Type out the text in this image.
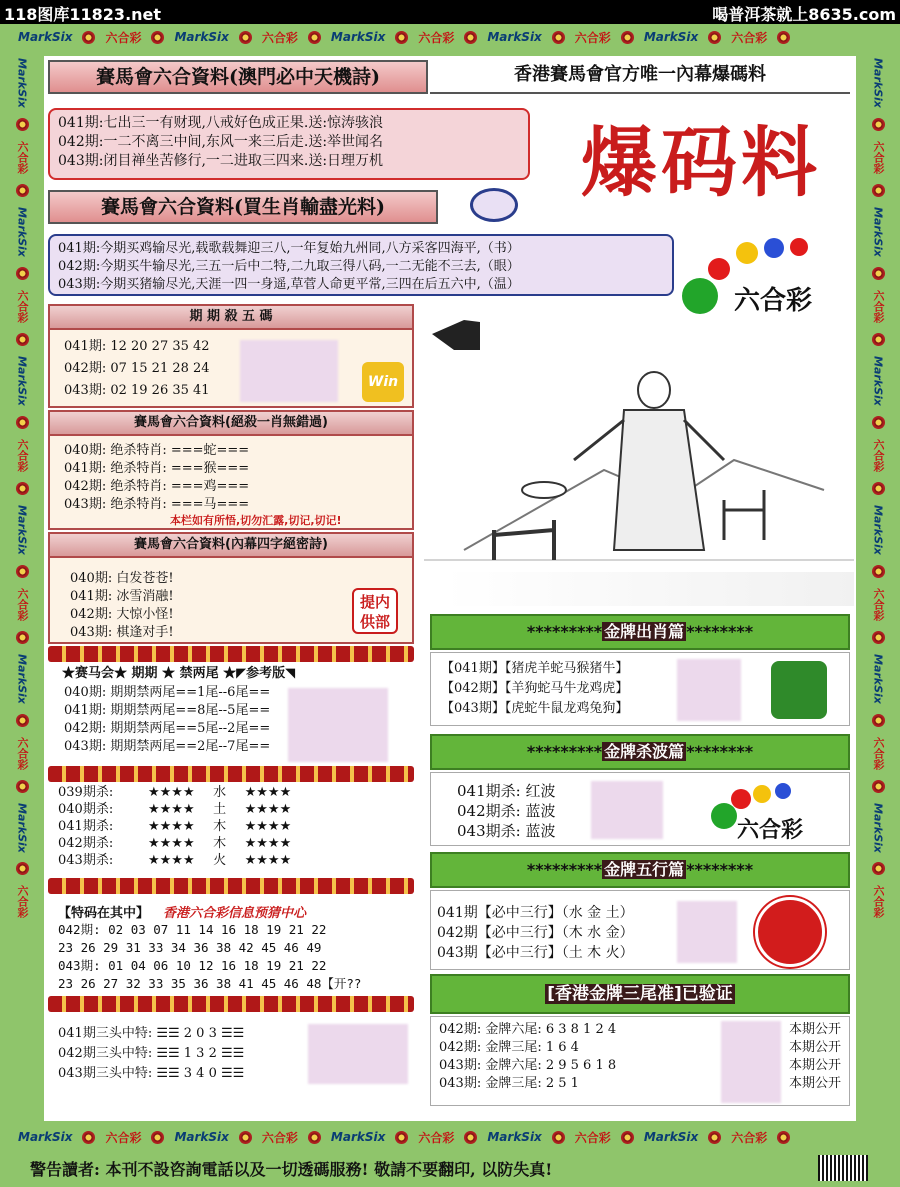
118图库11823.net	喝普洱茶就上8635.com
MarkSix	六合彩	MarkSix	六合彩	MarkSix	六合彩	MarkSix	六合彩	MarkSix	六合彩
MarkSix	六合彩	MarkSix	六合彩	MarkSix	六合彩	MarkSix	六合彩	MarkSix	六合彩
MarkSix
六合彩
MarkSix
六合彩
MarkSix
六合彩
MarkSix
六合彩
MarkSix
六合彩
MarkSix
六合彩
MarkSix
六合彩
MarkSix
六合彩
MarkSix
六合彩
MarkSix
六合彩
MarkSix
六合彩
MarkSix
六合彩
賽馬會六合資料(澳門必中天機詩)	香港賽馬會官方唯一內幕爆碼料
041期:七出三一有财现,八戒好色成正果.送:惊涛骇浪
042期:一二不离三中间,东风一来三后走.送:举世闻名
043期:闭目禅坐苦修行,一二进取三四来.送:日理万机	爆码料
賽馬會六合資料(買生肖輸盡光料)
041期:今期买鸡输尽光,载歌载舞迎三八,一年复始九州同,八方采客四海平,（书）
042期:今期买牛输尽光,三五一后中二特,二九取三得八码,一二无能不三去,（眼）
043期:今期买猪输尽光,天涯一四一身遥,草菅人命更平常,三四在后五六中,（温）
六合彩
期 期 殺 五 碼
041期: 12 20 27 35 42
042期: 07 15 21 28 24
043期: 02 19 26 35 41
Win
賽馬會六合資料(絕殺一肖無錯過)
040期: 绝杀特肖: ===蛇===
041期: 绝杀特肖: ===猴===
042期: 绝杀特肖: ===鸡===
043期: 绝杀特肖: ===马===
本栏如有所悟,切勿汇露,切记,切记!
賽馬會六合資料(內幕四字絕密詩)
040期: 白发苍苍!
041期: 冰雪消融!
042期: 大惊小怪!
043期: 棋逢对手!
提内供部
★赛马会★ 期期 ★ 禁两尾 ★◤参考版◥
040期: 期期禁两尾==1尾--6尾==
041期: 期期禁两尾==8尾--5尾==
042期: 期期禁两尾==5尾--2尾==
043期: 期期禁两尾==2尾--7尾==
039期杀:	★★★★	水	★★★★
040期杀:	★★★★	土	★★★★
041期杀:	★★★★	木	★★★★
042期杀:	★★★★	木	★★★★
043期杀:	★★★★	火	★★★★
【特码在其中】 香港六合彩信息预猜中心
042期: 02 03 07 11 14 16 18 19 21 22
23 26 29 31 33 34 36 38 42 45 46 49
043期: 01 04 06 10 12 16 18 19 21 22
23 26 27 32 33 35 36 38 41 45 46 48【开??
041期三头中特: ☰☰ 2 0 3 ☰☰
042期三头中特: ☰☰ 1 3 2 ☰☰
043期三头中特: ☰☰ 3 4 0 ☰☰
********* 金牌出肖篇 ********
【041期】【猪虎羊蛇马猴猪牛】
【042期】【羊狗蛇马牛龙鸡虎】
【043期】【虎蛇牛鼠龙鸡兔狗】
********* 金牌杀波篇 ********
041期杀: 红波
042期杀: 蓝波
043期杀: 蓝波	六合彩
********* 金牌五行篇 ********
041期【必中三行】（水 金 土）
042期【必中三行】（木 水 金）
043期【必中三行】（土 木 火）
[香港金牌三尾准]已验证
042期: 金牌六尾: 6 3 8 1 2 4	本期公开
042期: 金牌三尾: 1 6 4	本期公开
043期: 金牌六尾: 2 9 5 6 1 8	本期公开
043期: 金牌三尾: 2 5 1	本期公开
警告讀者: 本刊不設咨詢電話以及一切透碼服務! 敬請不要翻印, 以防失真!
